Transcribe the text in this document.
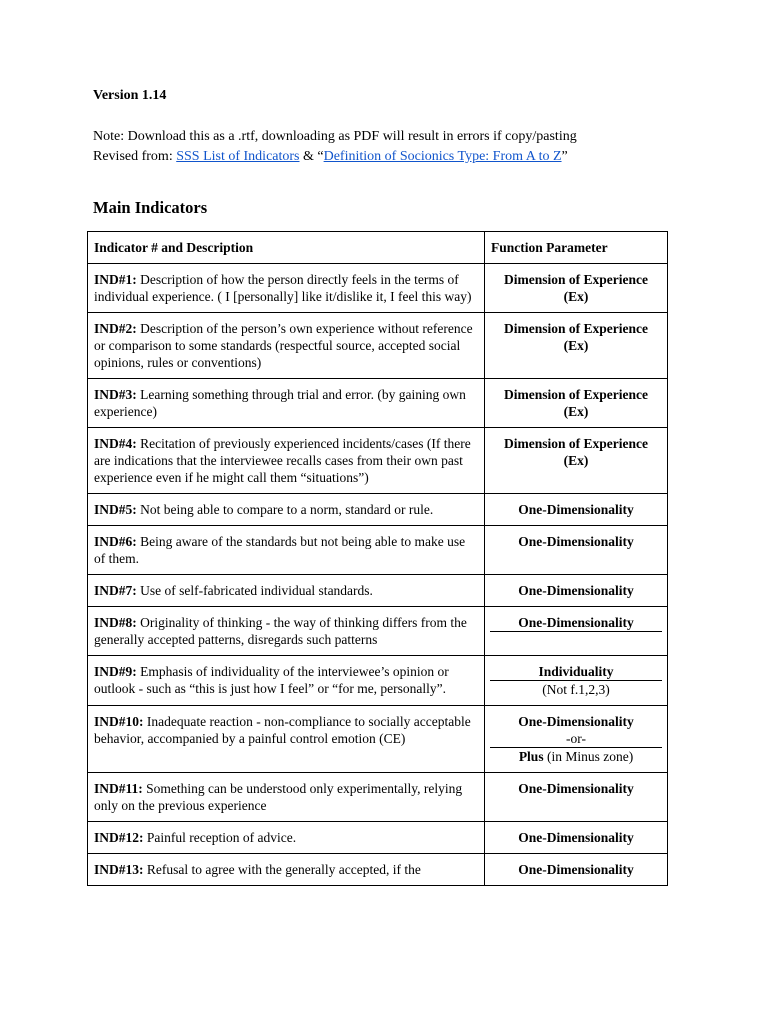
Version 1.14

Note: Download this as a .rtf, downloading as PDF will result in errors if copy/pasting

Revised from: SSS List of Indicators & “Definition of Socionics Type: From A to Z”

Main Indicators
Indicator # and Description	Function Parameter
IND#1: Description of how the person directly feels in the terms of individual experience. ( I [personally] like it/dislike it, I feel this way)	Dimension of Experience (Ex)
IND#2: Description of the person’s own experience without reference or comparison to some standards (respectful source, accepted social opinions, rules or conventions)	Dimension of Experience (Ex)
IND#3: Learning something through trial and error. (by gaining own experience)	Dimension of Experience (Ex)
IND#4: Recitation of previously experienced incidents/cases (If there are indications that the interviewee recalls cases from their own past experience even if he might call them “situations”)	Dimension of Experience (Ex)
IND#5: Not being able to compare to a norm, standard or rule.	One-Dimensionality
IND#6: Being aware of the standards but not being able to make use of them.	One-Dimensionality
IND#7: Use of self-fabricated individual standards.	One-Dimensionality
IND#8: Originality of thinking - the way of thinking differs from the generally accepted patterns, disregards such patterns	One-Dimensionality

IND#9: Emphasis of individuality of the interviewee’s opinion or outlook - such as “this is just how I feel” or “for me, personally”.	Individuality
(Not f.1,2,3)

IND#10: Inadequate reaction - non-compliance to socially acceptable behavior, accompanied by a painful control emotion (CE)	One-Dimensionality
-or-
Plus (in Minus zone)

IND#11: Something can be understood only experimentally, relying only on the previous experience	One-Dimensionality
IND#12: Painful reception of advice.	One-Dimensionality
IND#13: Refusal to agree with the generally accepted, if the	One-Dimensionality
